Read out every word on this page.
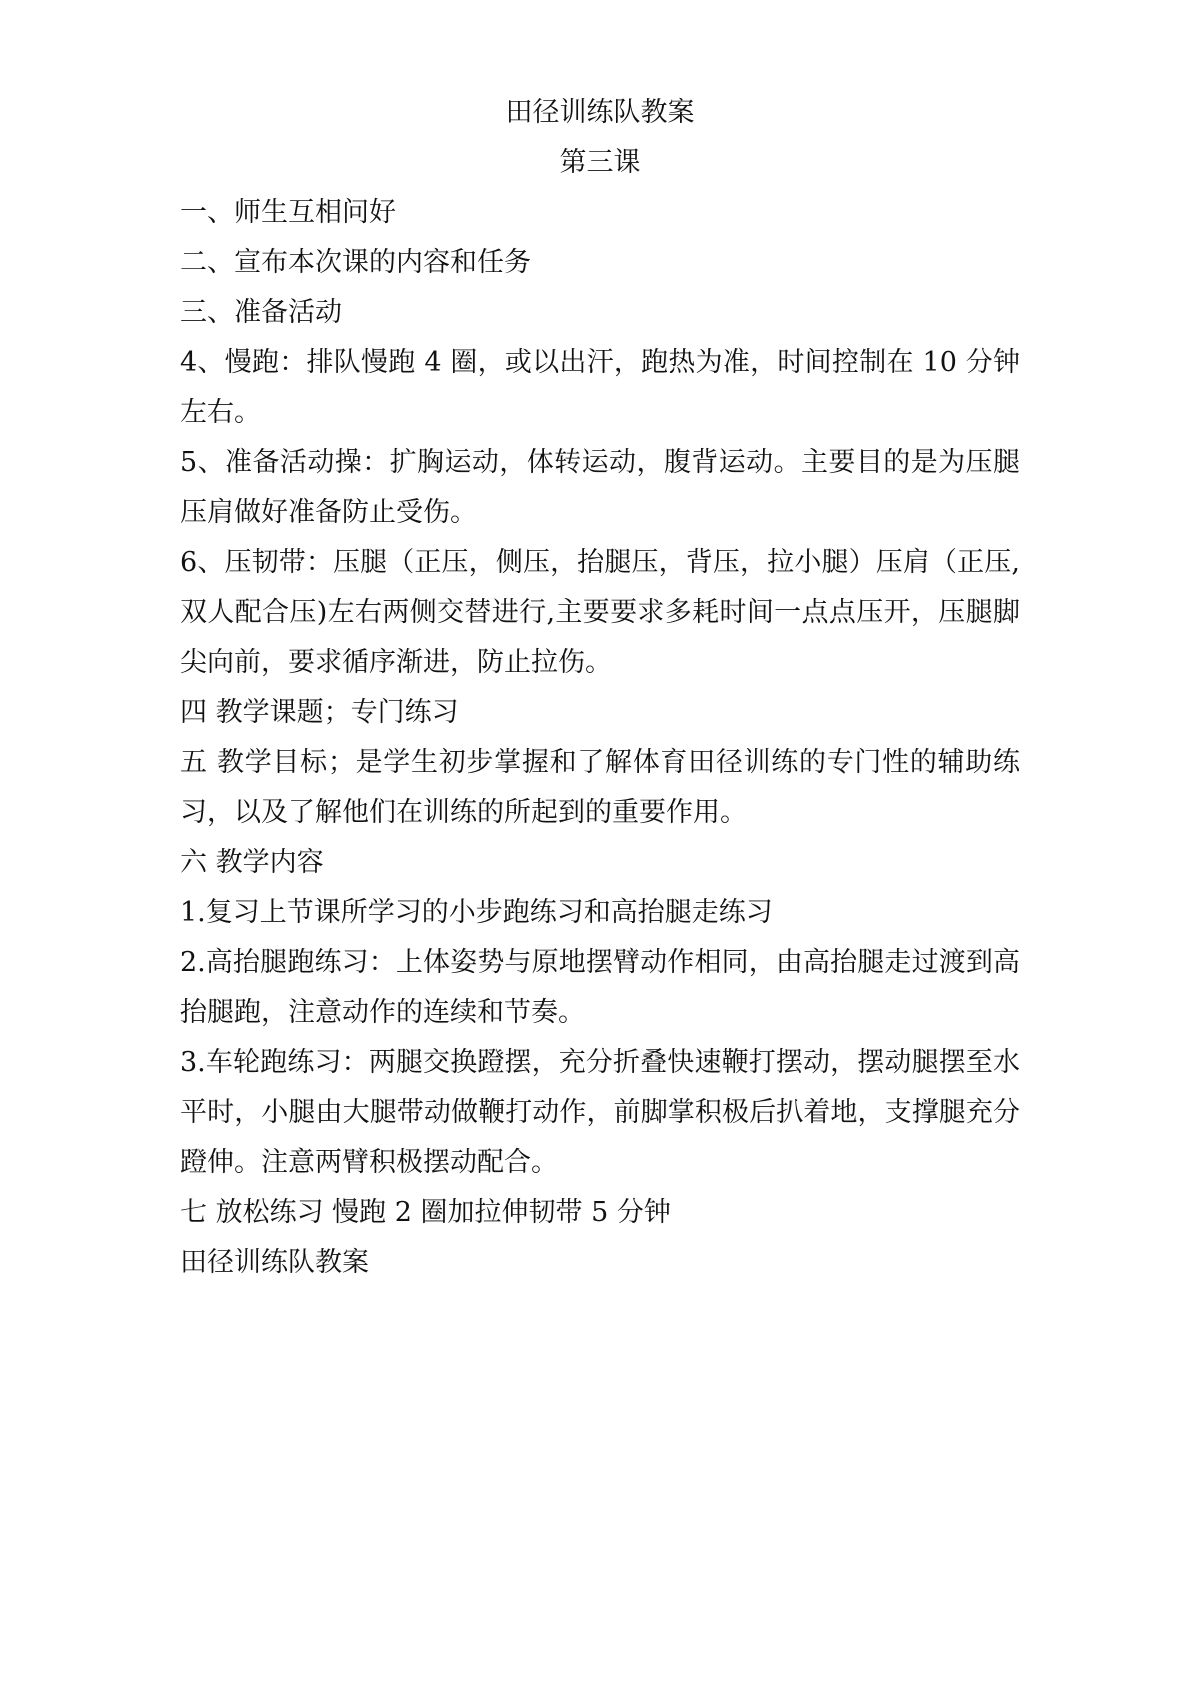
田径训练队教案
第三课

一、师生互相问好

二、宣布本次课的内容和任务

三、准备活动

4、慢跑：排队慢跑 4 圈，或以出汗，跑热为准，时间控制在 10 分钟左右。

5、准备活动操：扩胸运动，体转运动，腹背运动。主要目的是为压腿压肩做好准备防止受伤。

6、压韧带：压腿（正压，侧压，抬腿压，背压，拉小腿）压肩（正压,双人配合压)左右两侧交替进行,主要要求多耗时间一点点压开，压腿脚尖向前，要求循序渐进，防止拉伤。

四 教学课题；专门练习

五 教学目标；是学生初步掌握和了解体育田径训练的专门性的辅助练习，以及了解他们在训练的所起到的重要作用。

六 教学内容

1.复习上节课所学习的小步跑练习和高抬腿走练习

2.高抬腿跑练习：上体姿势与原地摆臂动作相同，由高抬腿走过渡到高抬腿跑，注意动作的连续和节奏。

3.车轮跑练习：两腿交换蹬摆，充分折叠快速鞭打摆动，摆动腿摆至水平时，小腿由大腿带动做鞭打动作，前脚掌积极后扒着地，支撑腿充分蹬伸。注意两臂积极摆动配合。

七 放松练习 慢跑 2 圈加拉伸韧带 5 分钟

田径训练队教案
